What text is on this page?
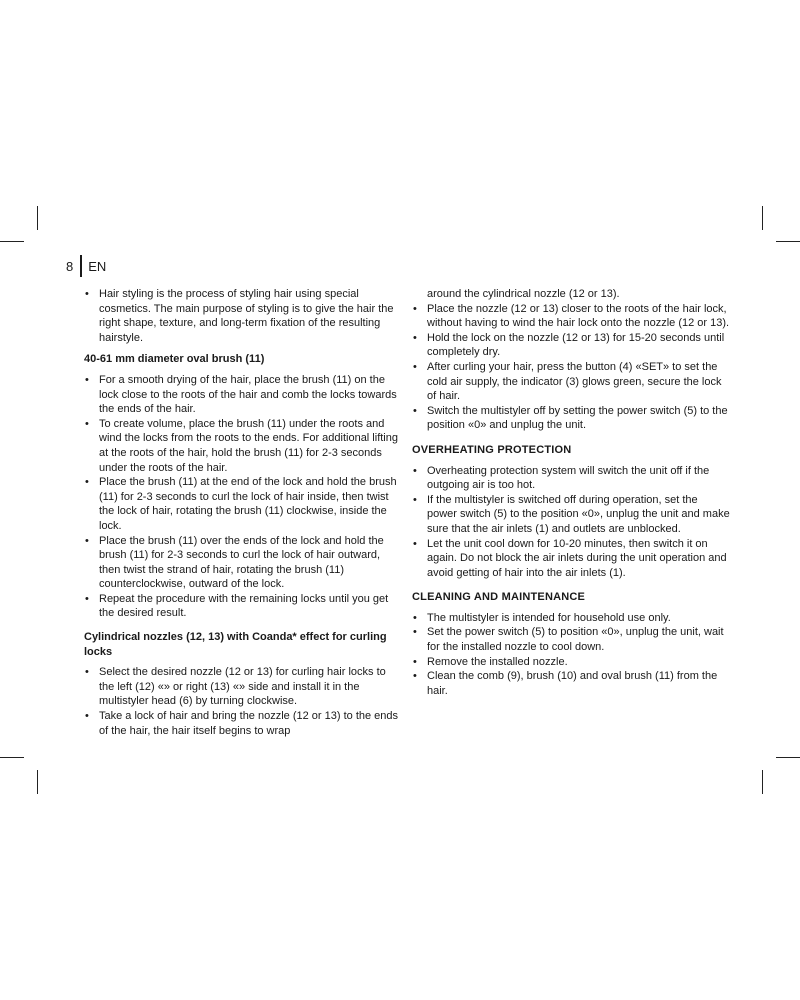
8 EN
• Hair styling is the process of styling hair using special cosmetics. The main purpose of styling is to give the hair the right shape, texture, and long-term fixation of the resulting hairstyle.
40-61 mm diameter oval brush (11)
• For a smooth drying of the hair, place the brush (11) on the lock close to the roots of the hair and comb the locks towards the ends of the hair.
• To create volume, place the brush (11) under the roots and wind the locks from the roots to the ends. For additional lifting at the roots of the hair, hold the brush (11) for 2-3 seconds under the roots of the hair.
• Place the brush (11) at the end of the lock and hold the brush (11) for 2-3 seconds to curl the lock of hair inside, then twist the lock of hair, rotating the brush (11) clockwise, inside the lock.
• Place the brush (11) over the ends of the lock and hold the brush (11) for 2-3 seconds to curl the lock of hair outward, then twist the strand of hair, rotating the brush (11) counterclockwise, outward of the lock.
• Repeat the procedure with the remaining locks until you get the desired result.
Cylindrical nozzles (12, 13) with Coanda* effect for curling locks
• Select the desired nozzle (12 or 13) for curling hair locks to the left (12) «» or right (13) «» side and install it in the multistyler head (6) by turning clockwise.
• Take a lock of hair and bring the nozzle (12 or 13) to the ends of the hair, the hair itself begins to wrap
around the cylindrical nozzle (12 or 13).
• Place the nozzle (12 or 13) closer to the roots of the hair lock, without having to wind the hair lock onto the nozzle (12 or 13).
• Hold the lock on the nozzle (12 or 13) for 15-20 seconds until completely dry.
• After curling your hair, press the button (4) «SET» to set the cold air supply, the indicator (3) glows green, secure the lock of hair.
• Switch the multistyler off by setting the power switch (5) to the position «0» and unplug the unit.
OVERHEATING PROTECTION
• Overheating protection system will switch the unit off if the outgoing air is too hot.
• If the multistyler is switched off during operation, set the power switch (5) to the position «0», unplug the unit and make sure that the air inlets (1) and outlets are unblocked.
• Let the unit cool down for 10-20 minutes, then switch it on again. Do not block the air inlets during the unit operation and avoid getting of hair into the air inlets (1).
CLEANING AND MAINTENANCE
• The multistyler is intended for household use only.
• Set the power switch (5) to position «0», unplug the unit, wait for the installed nozzle to cool down.
• Remove the installed nozzle.
• Clean the comb (9), brush (10) and oval brush (11) from the hair.
